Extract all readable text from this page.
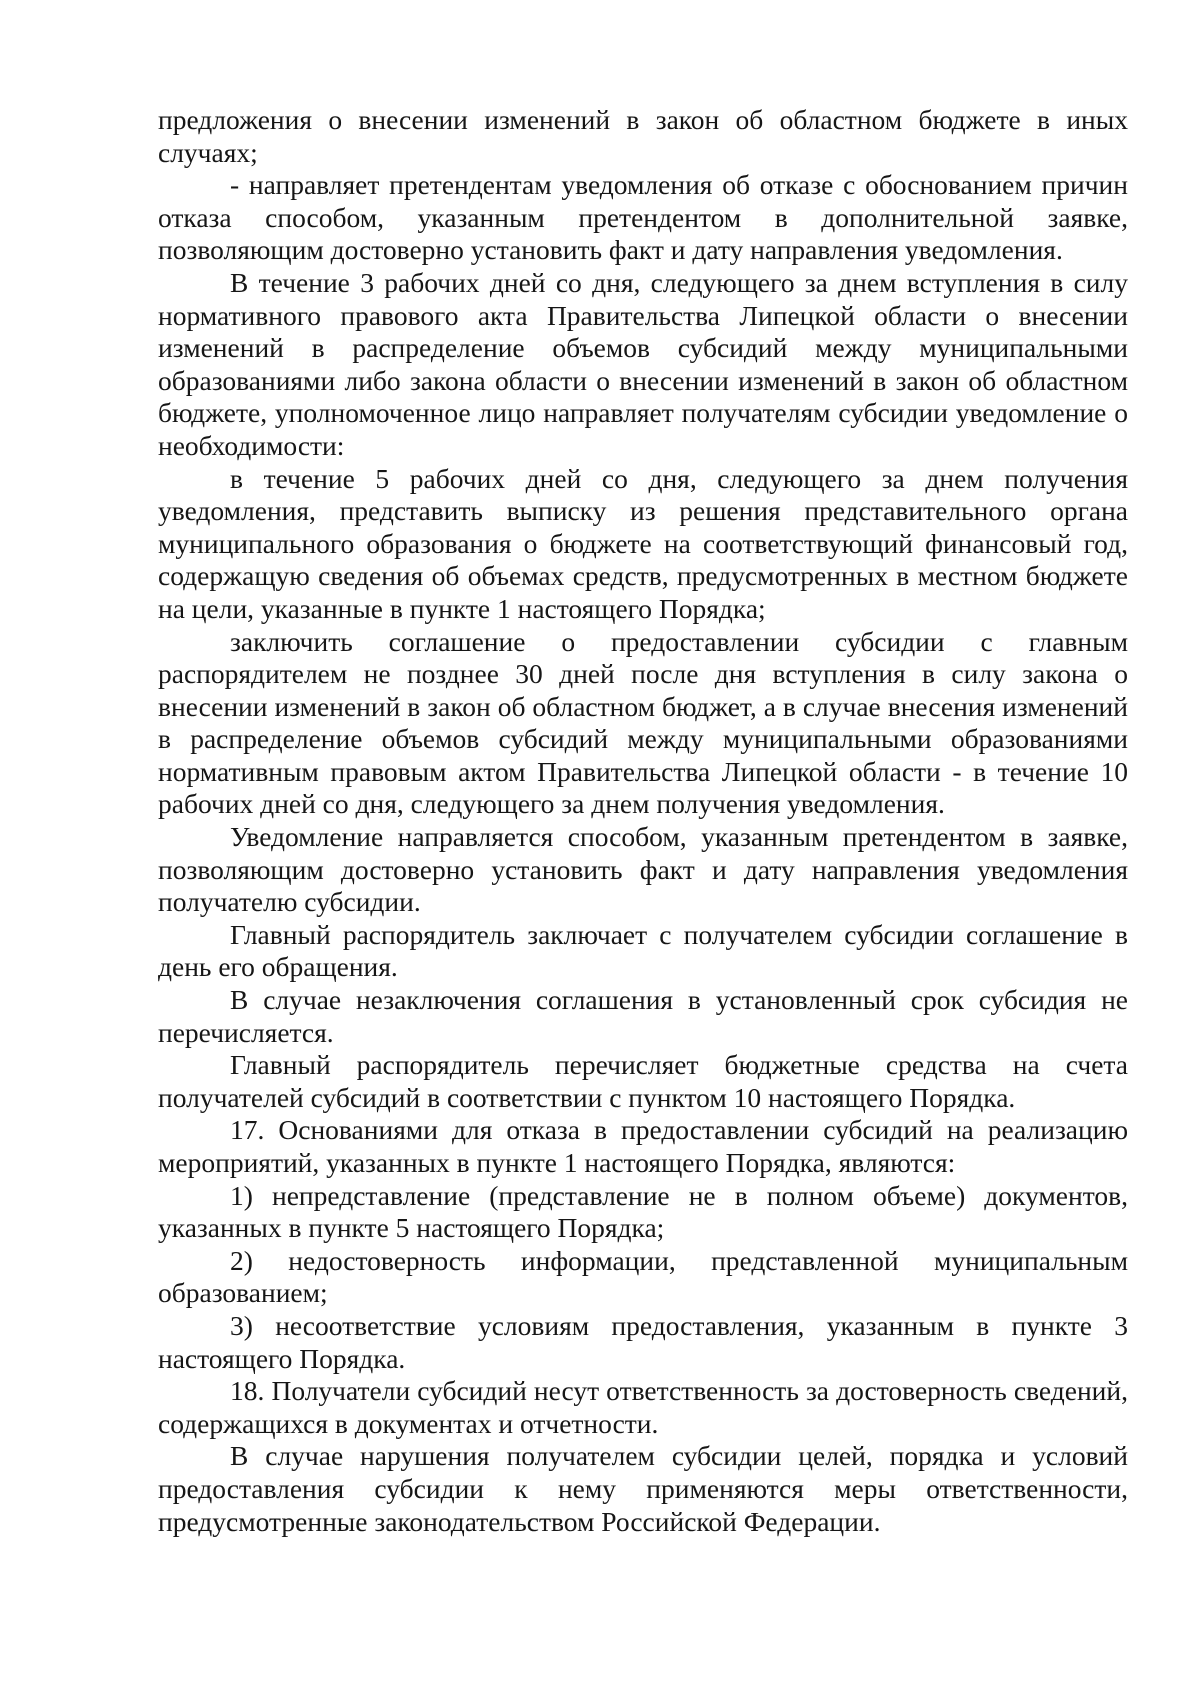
предложения о внесении изменений в закон об областном бюджете в иных случаях;

- направляет претендентам уведомления об отказе с обоснованием причин отказа способом, указанным претендентом в дополнительной заявке, позволяющим достоверно установить факт и дату направления уведомления.

В течение 3 рабочих дней со дня, следующего за днем вступления в силу нормативного правового акта Правительства Липецкой области о внесении изменений в распределение объемов субсидий между муниципальными образованиями либо закона области о внесении изменений в закон об областном бюджете, уполномоченное лицо направляет получателям субсидии уведомление о необходимости:

в течение 5 рабочих дней со дня, следующего за днем получения уведомления, представить выписку из решения представительного органа муниципального образования о бюджете на соответствующий финансовый год, содержащую сведения об объемах средств, предусмотренных в местном бюджете на цели, указанные в пункте 1 настоящего Порядка;

заключить соглашение о предоставлении субсидии с главным распорядителем не позднее 30 дней после дня вступления в силу закона о внесении изменений в закон об областном бюджет, а в случае внесения изменений в распределение объемов субсидий между муниципальными образованиями нормативным правовым актом Правительства Липецкой области - в течение 10 рабочих дней со дня, следующего за днем получения уведомления.

Уведомление направляется способом, указанным претендентом в заявке, позволяющим достоверно установить факт и дату направления уведомления получателю субсидии.

Главный распорядитель заключает с получателем субсидии соглашение в день его обращения.

В случае незаключения соглашения в установленный срок субсидия не перечисляется.

Главный распорядитель перечисляет бюджетные средства на счета получателей субсидий в соответствии с пунктом 10 настоящего Порядка.

17. Основаниями для отказа в предоставлении субсидий на реализацию мероприятий, указанных в пункте 1 настоящего Порядка, являются:

1) непредставление (представление не в полном объеме) документов, указанных в пункте 5 настоящего Порядка;

2) недостоверность информации, представленной муниципальным образованием;

3) несоответствие условиям предоставления, указанным в пункте 3 настоящего Порядка.

18. Получатели субсидий несут ответственность за достоверность сведений, содержащихся в документах и отчетности.

В случае нарушения получателем субсидии целей, порядка и условий предоставления субсидии к нему применяются меры ответственности, предусмотренные законодательством Российской Федерации.
